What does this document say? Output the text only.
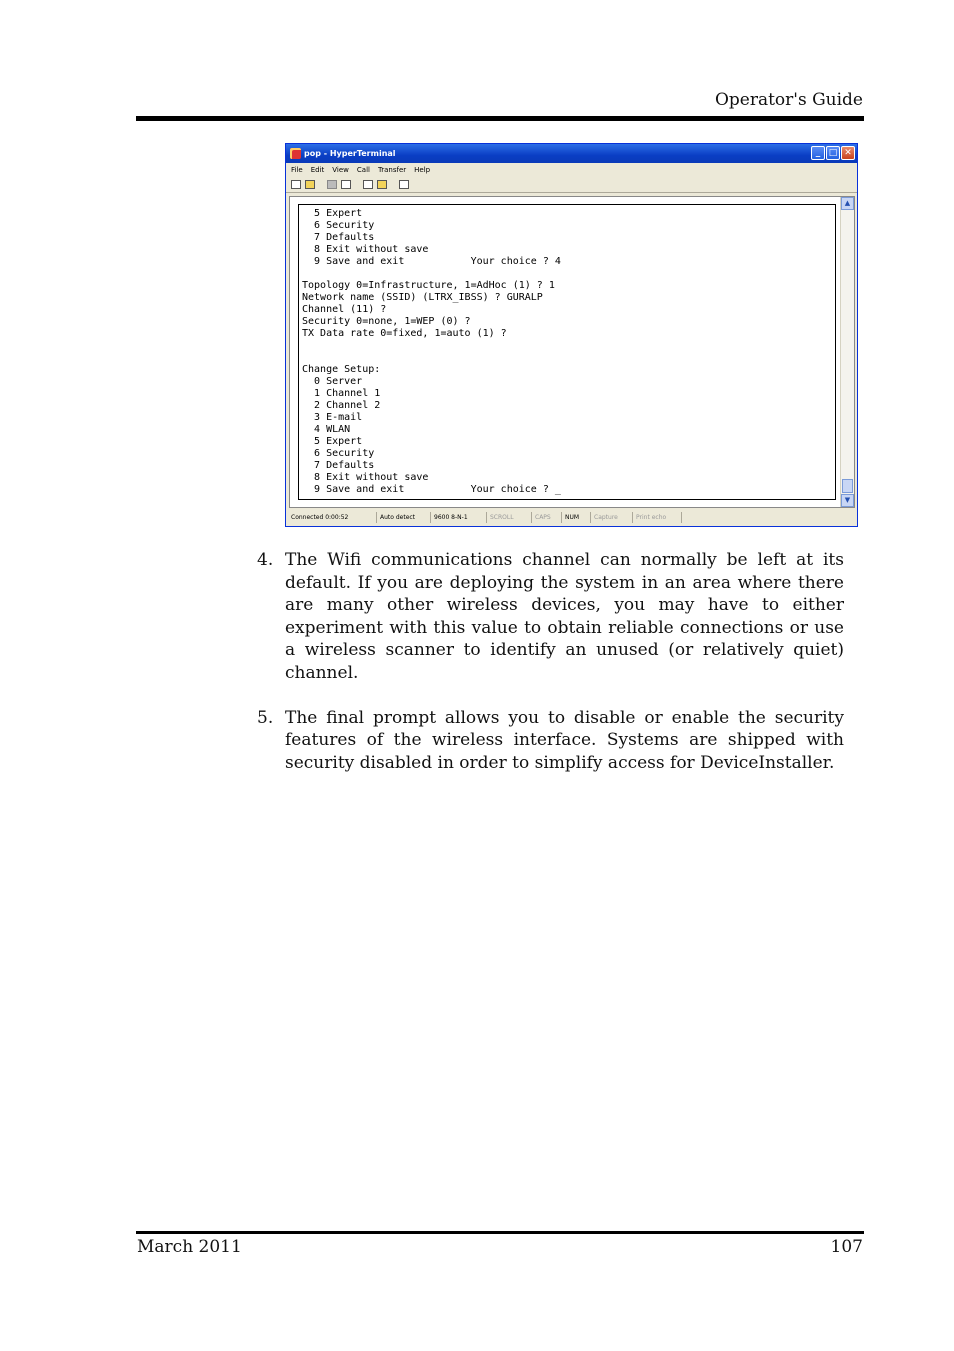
Operator's Guide
pop - HyperTerminal	_ □ ✕
File Edit View Call Transfer Help
5 Expert
6 Security
7 Defaults
8 Exit without save
9 Save and exit           Your choice ? 4

Topology 0=Infrastructure, 1=AdHoc (1) ? 1
Network name (SSID) (LTRX_IBSS) ? GURALP
Channel (11) ?
Security 0=none, 1=WEP (0) ?
TX Data rate 0=fixed, 1=auto (1) ?

Change Setup:
0 Server
1 Channel 1
2 Channel 2
3 E-mail
4 WLAN
5 Expert
6 Security
7 Defaults
8 Exit without save
9 Save and exit           Your choice ? _
▲
▼
Connected 0:00:52	Auto detect	9600 8-N-1	SCROLL	CAPS	NUM	Capture	Print echo
4. The Wifi communications channel can normally be left at its default. If you are deploying the system in an area where there are many other wireless devices, you may have to either experiment with this value to obtain reliable connections or use a wireless scanner to identify an unused (or relatively quiet) channel.
5. The final prompt allows you to disable or enable the security features of the wireless interface. Systems are shipped with security disabled in order to simplify access for DeviceInstaller.
March 2011	107
